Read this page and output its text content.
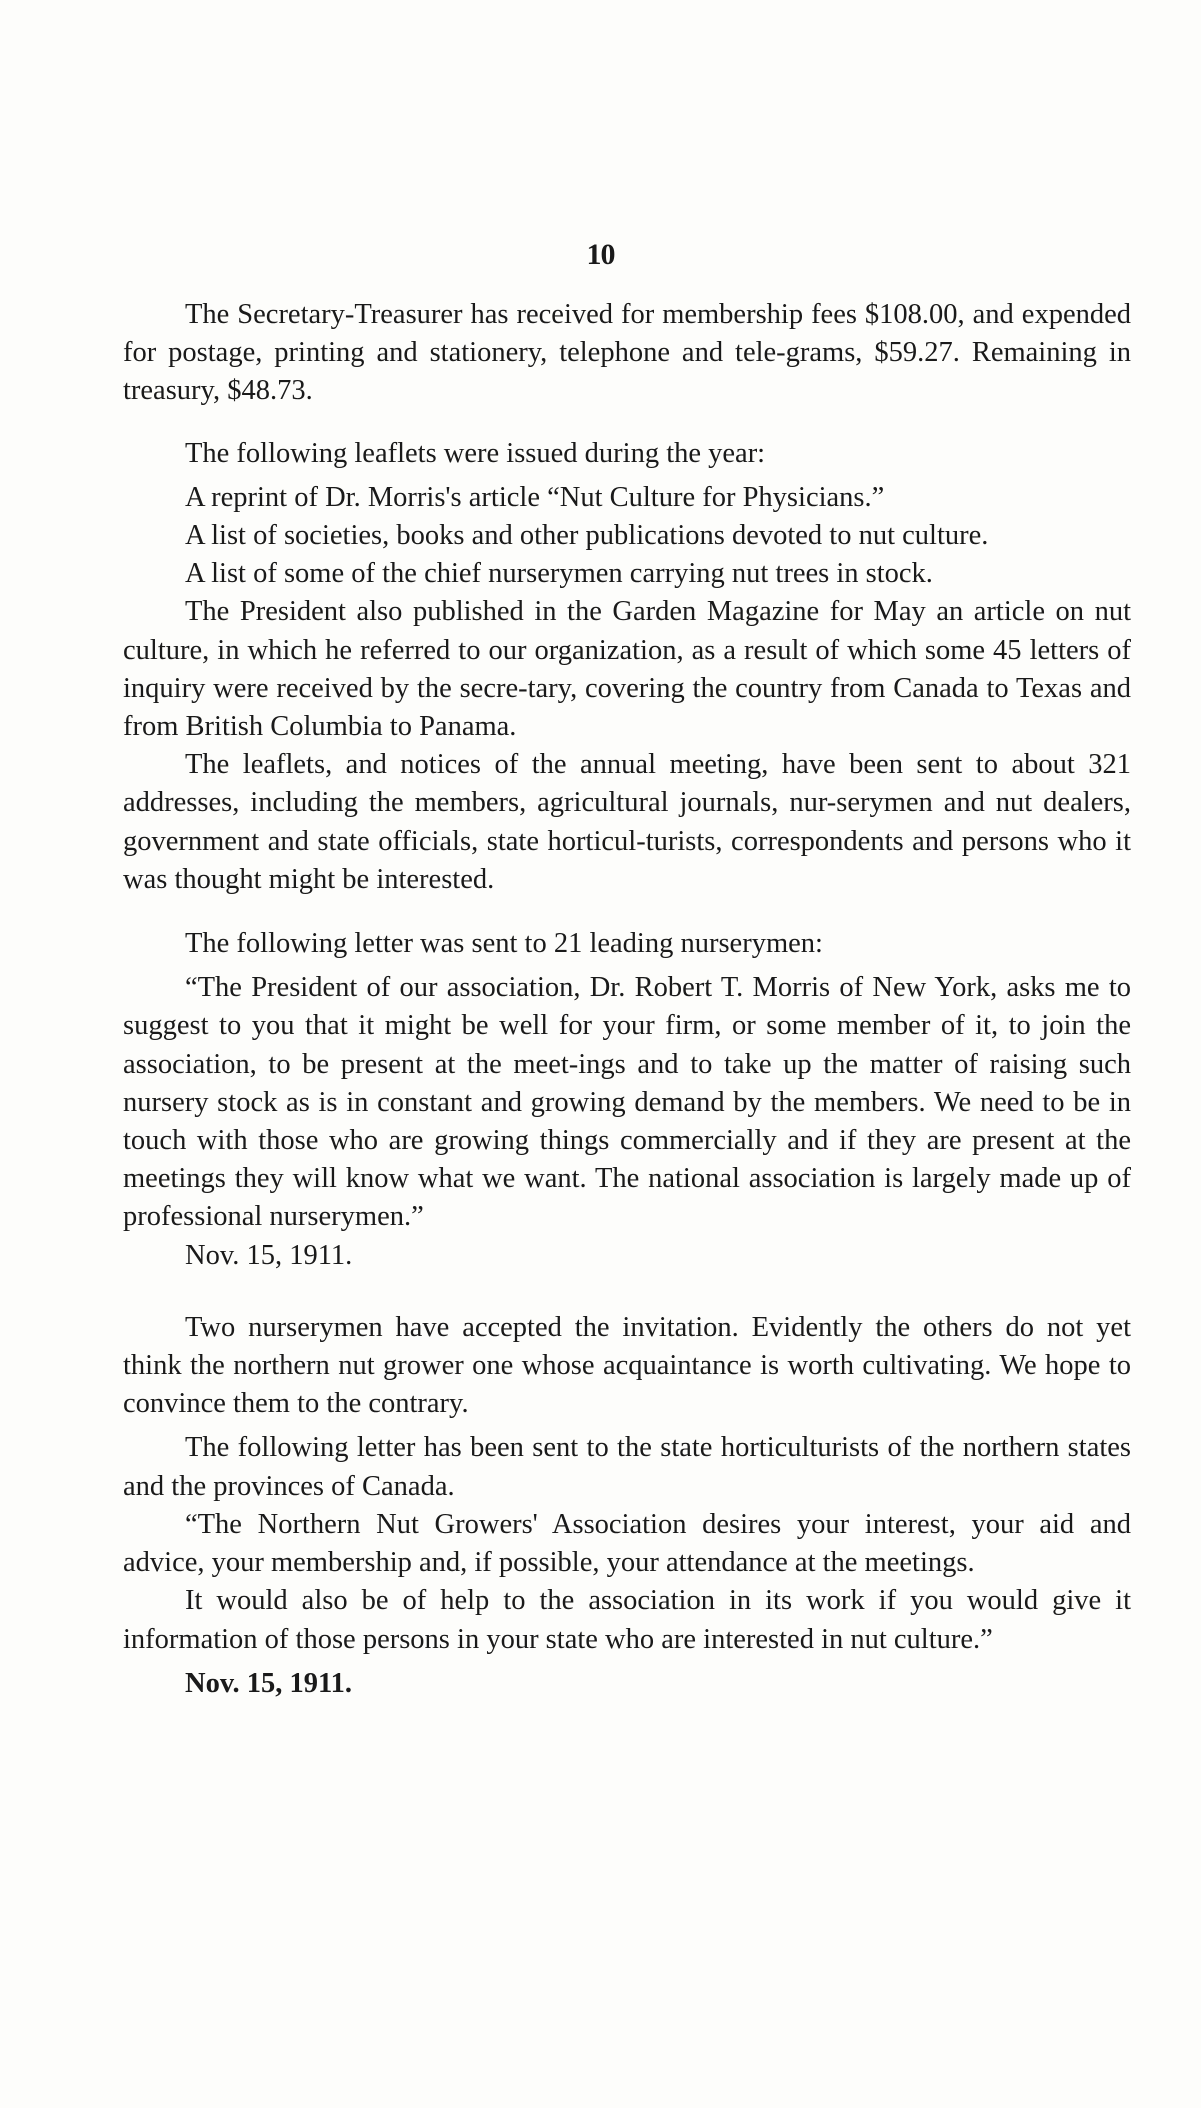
10

The Secretary-Treasurer has received for membership fees $108.00, and expended for postage, printing and stationery, telephone and tele-grams, $59.27. Remaining in treasury, $48.73.

The following leaflets were issued during the year:

A reprint of Dr. Morris's article “Nut Culture for Physicians.”

A list of societies, books and other publications devoted to nut culture.

A list of some of the chief nurserymen carrying nut trees in stock.

The President also published in the Garden Magazine for May an article on nut culture, in which he referred to our organization, as a result of which some 45 letters of inquiry were received by the secre-tary, covering the country from Canada to Texas and from British Columbia to Panama.

The leaflets, and notices of the annual meeting, have been sent to about 321 addresses, including the members, agricultural journals, nur-serymen and nut dealers, government and state officials, state horticul-turists, correspondents and persons who it was thought might be interested.

The following letter was sent to 21 leading nurserymen:

“The President of our association, Dr. Robert T. Morris of New York, asks me to suggest to you that it might be well for your firm, or some member of it, to join the association, to be present at the meet-ings and to take up the matter of raising such nursery stock as is in constant and growing demand by the members. We need to be in touch with those who are growing things commercially and if they are present at the meetings they will know what we want. The national association is largely made up of professional nurserymen.”

Nov. 15, 1911.

Two nurserymen have accepted the invitation. Evidently the others do not yet think the northern nut grower one whose acquaintance is worth cultivating. We hope to convince them to the contrary.

The following letter has been sent to the state horticulturists of the northern states and the provinces of Canada.

“The Northern Nut Growers' Association desires your interest, your aid and advice, your membership and, if possible, your attendance at the meetings.

It would also be of help to the association in its work if you would give it information of those persons in your state who are interested in nut culture.”

Nov. 15, 1911.
